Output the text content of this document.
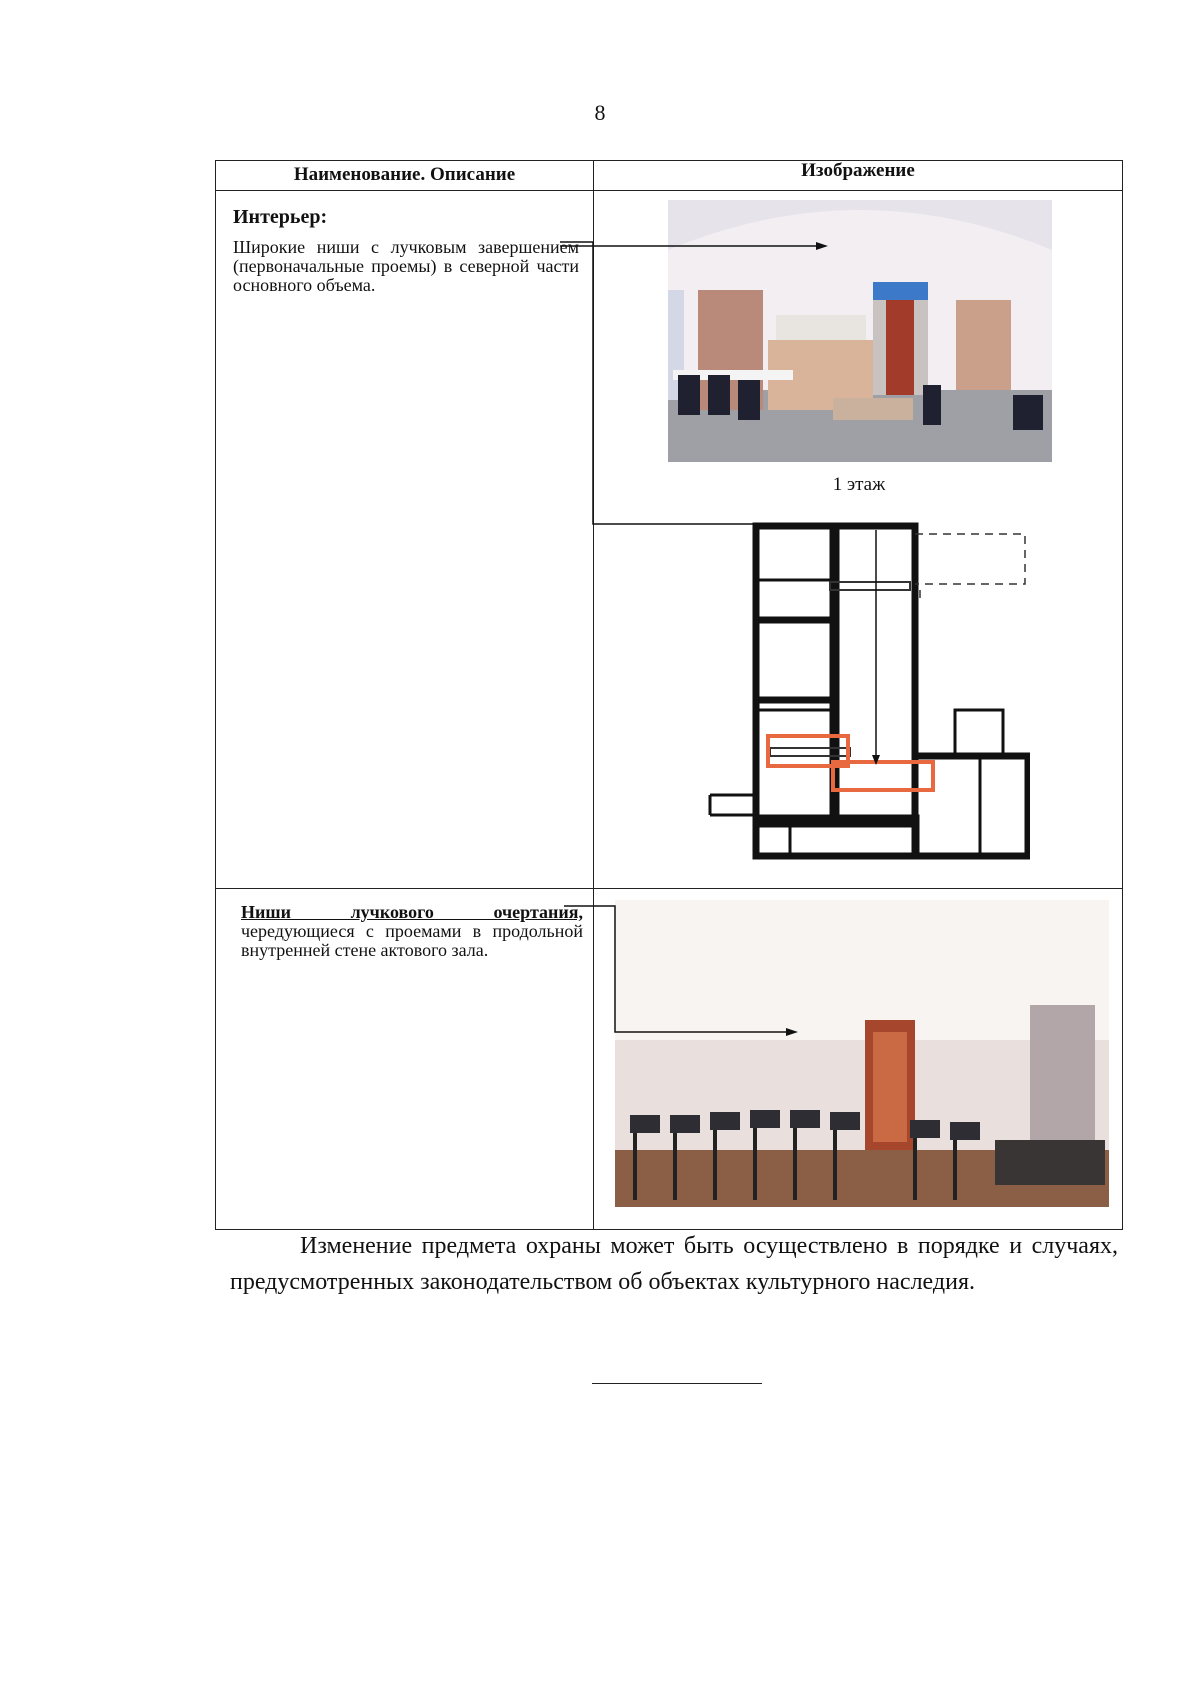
8
Наименование. Описание	Изображение
Интерьер:
Широкие ниши с лучковым завершением (первоначальные проемы) в северной части основного объема.
1 этаж
Ниши лучкового очертания, чередующиеся с проемами в продольной внутренней стене актового зала.
Изменение предмета охраны может быть осуществлено в порядке и случаях, предусмотренных законодательством об объектах культурного наследия.
